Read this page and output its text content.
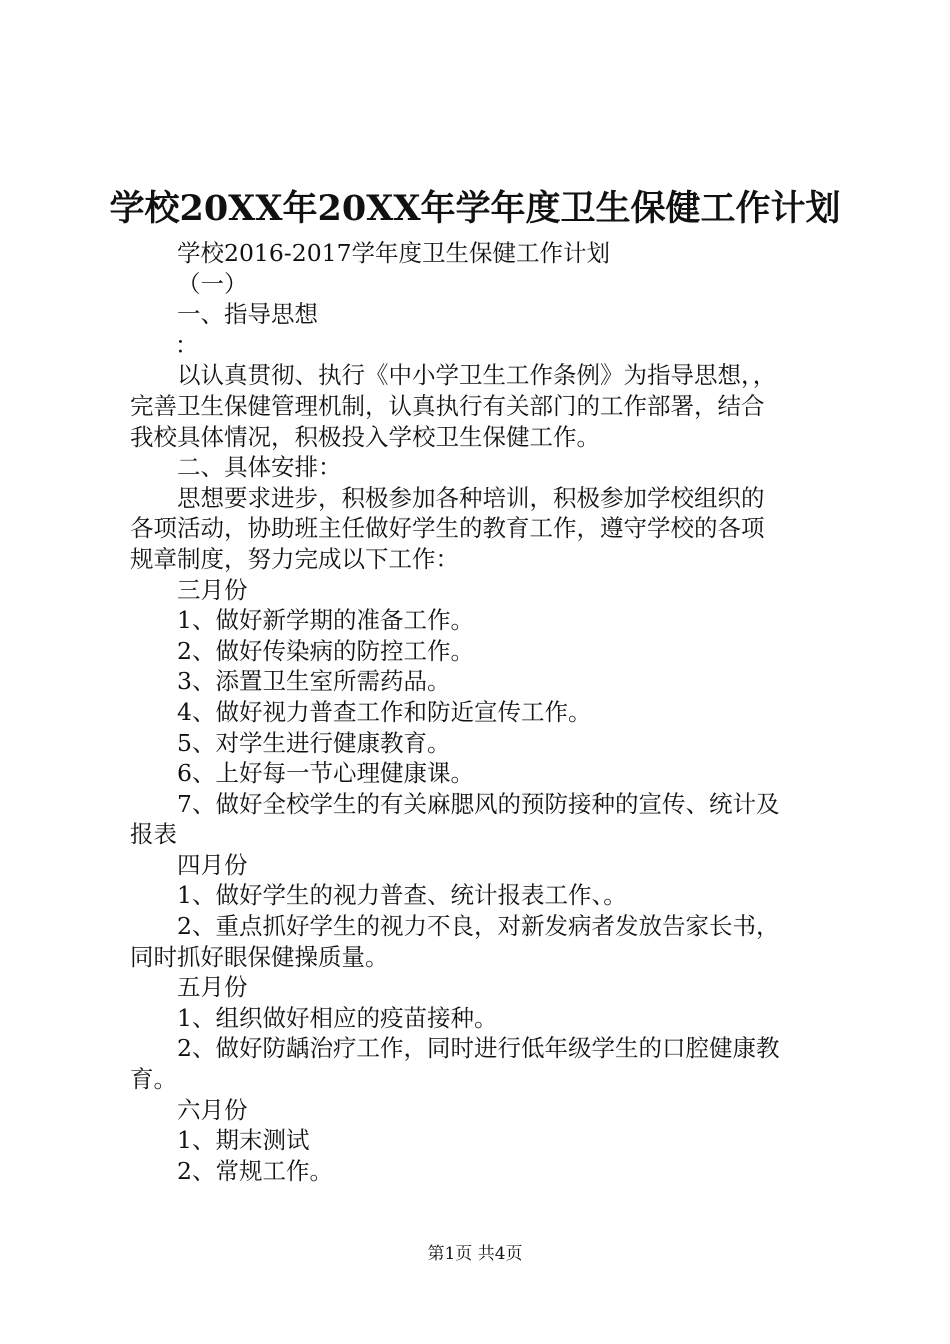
学校20XX年20XX年学年度卫生保健工作计划

学校2016-2017学年度卫生保健工作计划

（一）

一、指导思想

：

以认真贯彻、执行《中小学卫生工作条例》为指导思想，，

完善卫生保健管理机制，认真执行有关部门的工作部署，结合

我校具体情况，积极投入学校卫生保健工作。

二、具体安排：

思想要求进步，积极参加各种培训，积极参加学校组织的

各项活动，协助班主任做好学生的教育工作，遵守学校的各项

规章制度，努力完成以下工作：

三月份

1、做好新学期的准备工作。

2、做好传染病的防控工作。

3、添置卫生室所需药品。

4、做好视力普查工作和防近宣传工作。

5、对学生进行健康教育。

6、上好每一节心理健康课。

7、做好全校学生的有关麻腮风的预防接种的宣传、统计及

报表

四月份

1、做好学生的视力普查、统计报表工作、。

2、重点抓好学生的视力不良，对新发病者发放告家长书，

同时抓好眼保健操质量。

五月份

1、组织做好相应的疫苗接种。

2、做好防龋治疗工作，同时进行低年级学生的口腔健康教

育。

六月份

1、期末测试

2、常规工作。

第1页 共4页
